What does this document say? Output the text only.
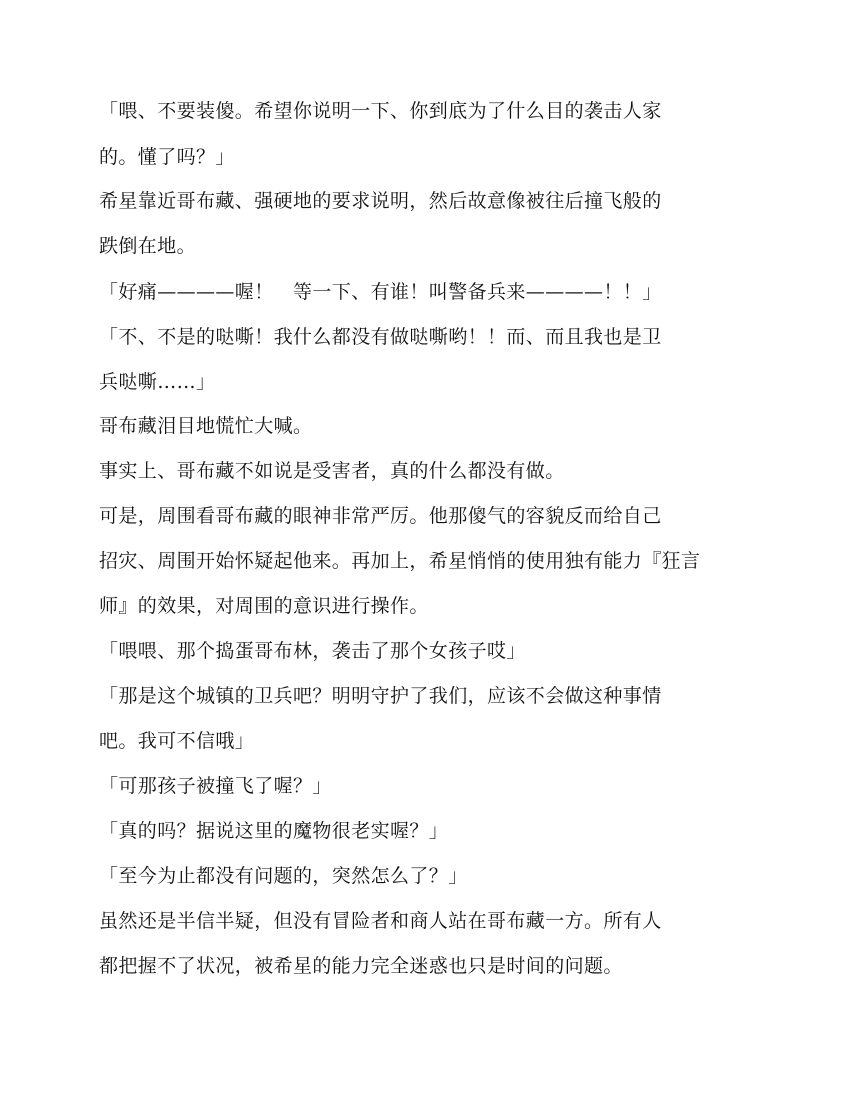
「喂、不要装傻。希望你说明一下、你到底为了什么目的袭击人家
的。懂了吗？」
希星靠近哥布藏、强硬地的要求说明，然后故意像被往后撞飞般的
跌倒在地。
「好痛————喔！　等一下、有谁！叫警备兵来————！！」
「不、不是的哒嘶！我什么都没有做哒嘶哟！！而、而且我也是卫
兵哒嘶……」
哥布藏泪目地慌忙大喊。
事实上、哥布藏不如说是受害者，真的什么都没有做。
可是，周围看哥布藏的眼神非常严厉。他那傻气的容貌反而给自己
招灾、周围开始怀疑起他来。再加上，希星悄悄的使用独有能力『狂言
师』的效果，对周围的意识进行操作。
「喂喂、那个捣蛋哥布林，袭击了那个女孩子哎」
「那是这个城镇的卫兵吧？明明守护了我们，应该不会做这种事情
吧。我可不信哦」
「可那孩子被撞飞了喔？」
「真的吗？据说这里的魔物很老实喔？」
「至今为止都没有问题的，突然怎么了？」
虽然还是半信半疑，但没有冒险者和商人站在哥布藏一方。所有人
都把握不了状况，被希星的能力完全迷惑也只是时间的问题。
